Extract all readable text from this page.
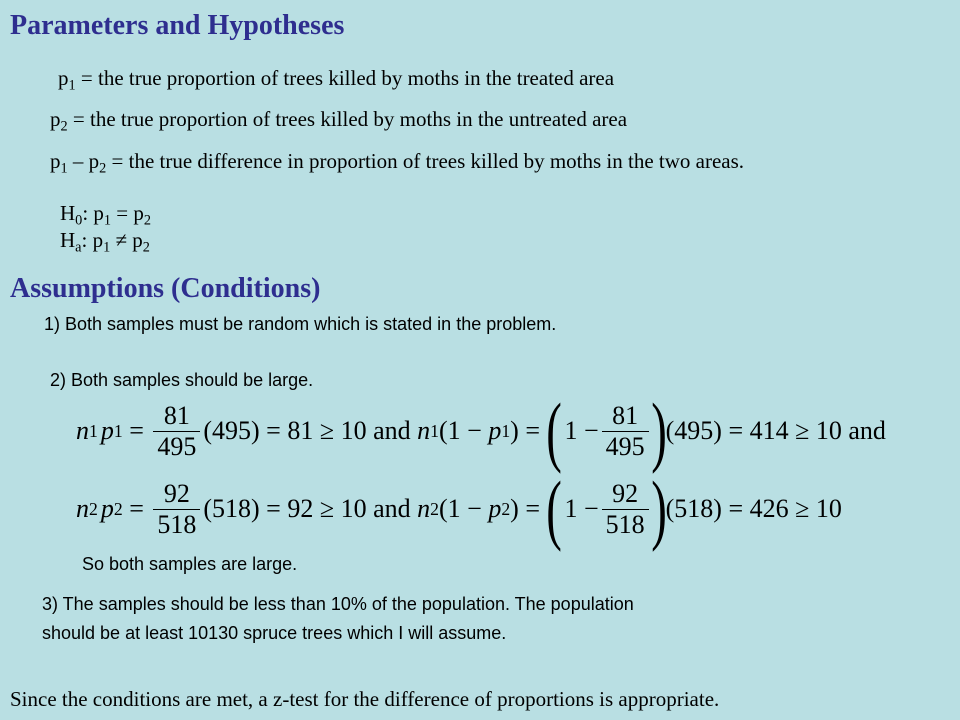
Parameters and Hypotheses
$p_1$ = the true proportion of trees killed by moths in the treated area
$p_2$ = the true proportion of trees killed by moths in the untreated area
$p_1 - p_2$ = the true difference in proportion of trees killed by moths in the two areas.
$H_0$: $p_1 = p_2$
$H_a$: $p_1 \ne p_2$
Assumptions (Conditions)
1) Both samples must be random which is stated in the problem.
2) Both samples should be large.
n 1 p $1 = \frac{81}{495} (495) = 81 \ge 10$ and n 1 (1 − p 1 ) = ( $1 - \frac{81}{495}$ ) (495) = 414 ≥ 10 and
n 2 p $2 = \frac{92}{518} (518) = 92 \ge 10$ and n 2 (1 − p 2 ) = ( $1 - \frac{92}{518}$ ) (518) = 426 ≥ 10
So both samples are large.
3) The samples should be less than 10% of the population. The population
should be at least 10130 spruce trees which I will assume.
Since the conditions are met, a z-test for the difference of proportions is appropriate.
